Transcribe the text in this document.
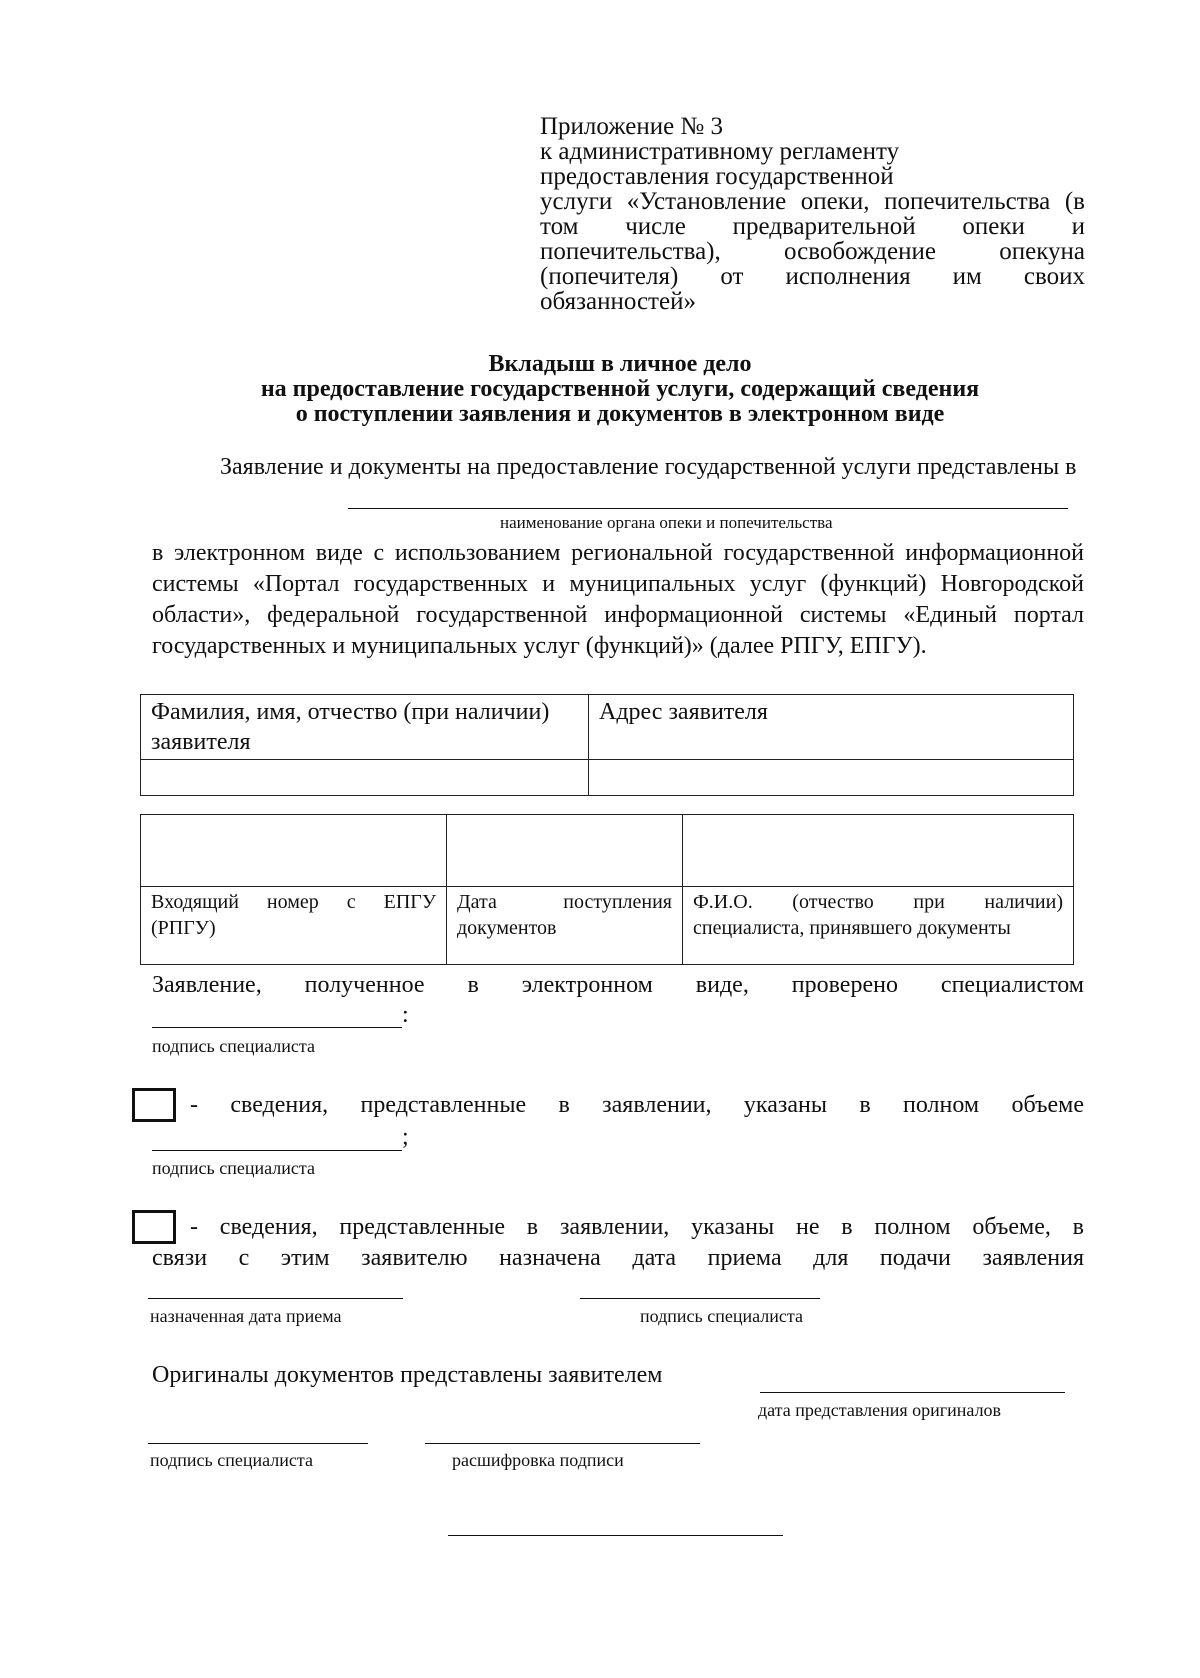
Приложение № 3
к административному регламенту
предоставления государственной
услуги «Установление опеки, попечительства (в том числе предварительной опеки и попечительства), освобождение опекуна (попечителя) от исполнения им своих обязанностей»
Вкладыш в личное дело
на предоставление государственной услуги, содержащий сведения
о поступлении заявления и документов в электронном виде
Заявление и документы на предоставление государственной услуги представлены в
наименование органа опеки и попечительства
в электронном виде с использованием региональной государственной информационной системы «Портал государственных и муниципальных услуг (функций) Новгородской области», федеральной государственной информационной системы «Единый портал государственных и муниципальных услуг (функций)» (далее РПГУ, ЕПГУ).
Фамилия, имя, отчество (при наличии) заявителя	Адрес заявителя

Входящий номер с ЕПГУ (РПГУ)	Дата поступления документов	Ф.И.О. (отчество при наличии) специалиста, принявшего документы
Заявление, полученное в электронном виде, проверено специалистом
:
подпись специалиста
- сведения, представленные в заявлении, указаны в полном объеме
;
подпись специалиста
- сведения, представленные в заявлении, указаны не в полном объеме, в
связи с этим заявителю назначена дата приема для подачи заявления
назначенная дата приема	подпись специалиста
Оригиналы документов представлены заявителем
дата представления оригиналов
подпись специалиста	расшифровка подписи
